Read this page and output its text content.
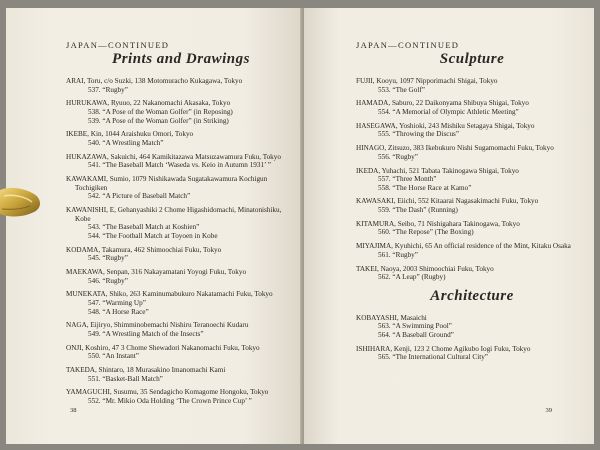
JAPAN—CONTINUED
Prints and Drawings
ARAI, Toru, c/o Suzki, 138 Motomuracho Kukagawa, Tokyo
537. “Rugby”
HURUKAWA, Ryuuo, 22 Nakanomachi Akasaka, Tokyo
538. “A Pose of the Woman Golfer” (in Reposing)
539. “A Pose of the Woman Golfer” (in Striking)
IKEBE, Kin, 1044 Araishuku Omori, Tokyo
540. “A Wrestling Match”
HUKAZAWA, Sakuichi, 464 Kamikitazawa Matsuzawamura Fuku, Tokyo
541. “The Baseball Match ‘Waseda vs. Keio in Autumn 1931’ ”
KAWAKAMI, Sumio, 1079 Nishikawada Sugatakawamura Kochigun Tochigiken
542. “A Picture of Baseball Match”
KAWANISHI, E, Gehanyashiki 2 Chome Higashidomachi, Minatonishiku, Kobe
543. “The Baseball Match at Koshien”
544. “The Football Match at Toyoen in Kobe
KODAMA, Takamura, 462 Shimoochiai Fuku, Tokyo
545. “Rugby”
MAEKAWA, Senpan, 316 Nakayamatani Yoyogi Fuku, Tokyo
546. “Rugby”
MUNEKATA, Shiko, 263 Kaminumabukuro Nakatamachi Fuku, Tokyo
547. “Warming Up”
548. “A Horse Race”
NAGA, Eijiryo, Shimminobemachi Nishiru Teranoechi Kudaru
549. “A Wrestling Match of the Insects”
ONJI, Koshiro, 47 3 Chome Shewadori Nakanomachi Fuku, Tokyo
550. “An Instant”
TAKEDA, Shintaro, 18 Murasakino Imanomachi Kami
551. “Basket-Ball Match”
YAMAGUCHI, Susumu, 35 Sendagicho Komagome Hongoku, Tokyo
552. “Mr. Mikio Oda Holding ‘The Crown Prince Cup’ ”
38
JAPAN—CONTINUED
Sculpture
FUJII, Kooyu, 1097 Nipporimachi Shigai, Tokyo
553. “The Golf”
HAMADA, Saburo, 22 Daikonyama Shibuya Shigai, Tokyo
554. “A Memorial of Olympic Athletic Meeting”
HASEGAWA, Yoshioki, 243 Mishiku Setagaya Shigai, Tokyo
555. “Throwing the Discus”
HINAGO, Zitsuzo, 383 Ikebukuro Nishi Sugamomachi Fuku, Tokyo
556. “Rugby”
IKEDA, Yuhachi, 521 Tabata Takinogawa Shigai, Tokyo
557. “Three Month”
558. “The Horse Race at Kamo”
KAWASAKI, Eiichi, 552 Kitaarai Nagasakimachi Fuku, Tokyo
559. “The Dash” (Running)
KITAMURA, Seibo, 71 Nishigahara Takinogawa, Tokyo
560. “The Repose” (The Boxing)
MIYAJIMA, Kyuhichi, 65 An official residence of the Mint, Kitaku Osaka
561. “Rugby”
TAKEI, Naoya, 2003 Shimoochiai Fuku, Tokyo
562. “A Leap” (Rugby)
Architecture
KOBAYASHI, Masaichi
563. “A Swimming Pool”
564. “A Baseball Ground”
ISHIHARA, Kenji, 123 2 Chome Agikubo Iogi Fuku, Tokyo
565. “The International Cultural City”
39
